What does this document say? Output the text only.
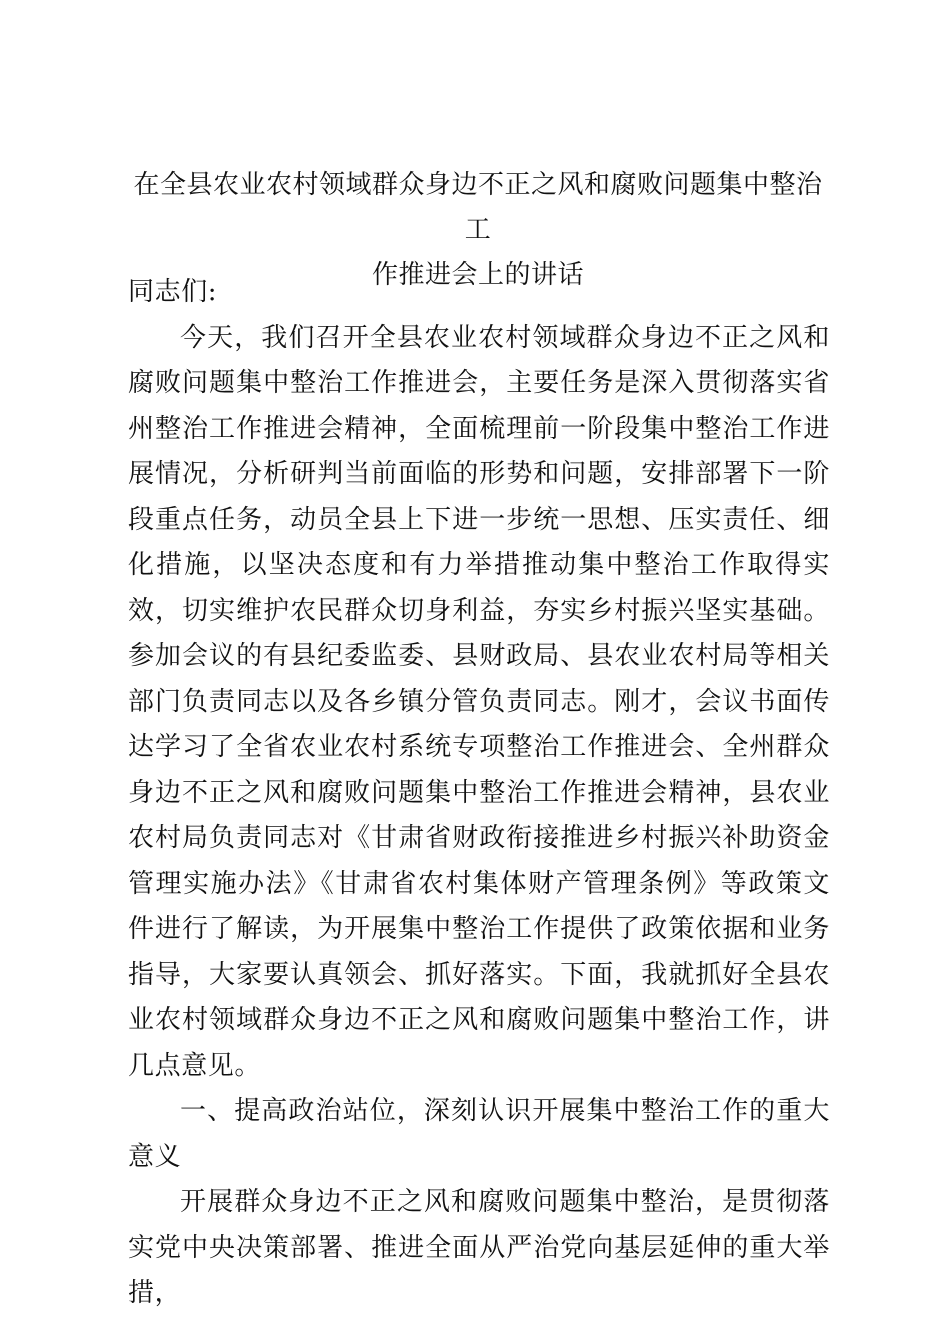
在全县农业农村领域群众身边不正之风和腐败问题集中整治工
作推进会上的讲话

同志们:

今天，我们召开全县农业农村领域群众身边不正之风和腐败问题集中整治工作推进会，主要任务是深入贯彻落实省州整治工作推进会精神，全面梳理前一阶段集中整治工作进展情况，分析研判当前面临的形势和问题，安排部署下一阶段重点任务，动员全县上下进一步统一思想、压实责任、细化措施，以坚决态度和有力举措推动集中整治工作取得实效，切实维护农民群众切身利益，夯实乡村振兴坚实基础。参加会议的有县纪委监委、县财政局、县农业农村局等相关部门负责同志以及各乡镇分管负责同志。刚才，会议书面传达学习了全省农业农村系统专项整治工作推进会、全州群众身边不正之风和腐败问题集中整治工作推进会精神，县农业农村局负责同志对《甘肃省财政衔接推进乡村振兴补助资金管理实施办法》《甘肃省农村集体财产管理条例》等政策文件进行了解读，为开展集中整治工作提供了政策依据和业务指导，大家要认真领会、抓好落实。下面，我就抓好全县农业农村领域群众身边不正之风和腐败问题集中整治工作，讲几点意见。

一、提高政治站位，深刻认识开展集中整治工作的重大意义

开展群众身边不正之风和腐败问题集中整治，是贯彻落实党中央决策部署、推进全面从严治党向基层延伸的重大举措，
